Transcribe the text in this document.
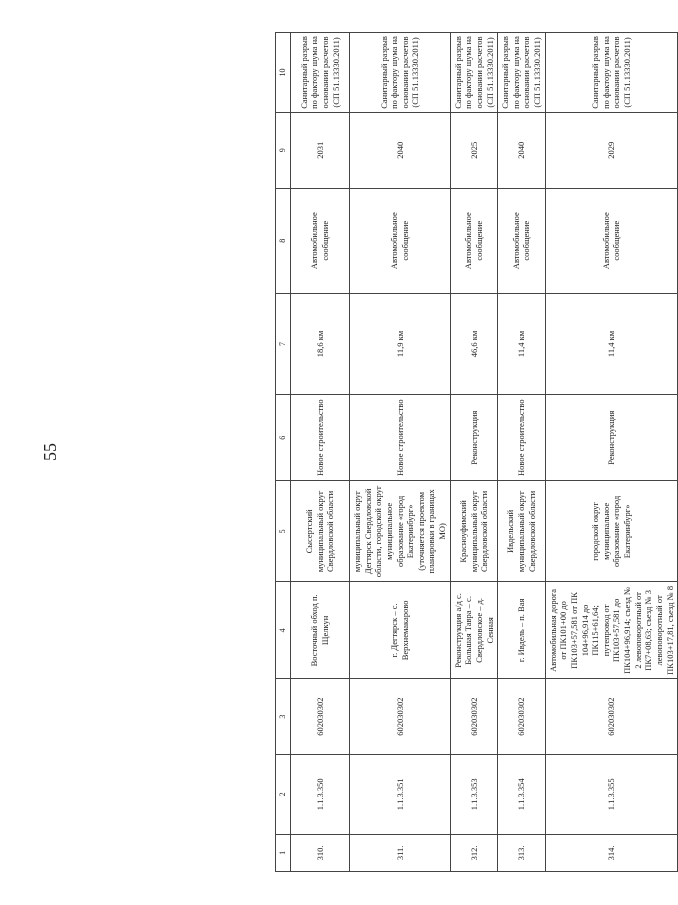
55
1	2	3	4	5	6	7	8	9	10
310.	1.1.3.350	602030302	Восточный обход п. Щелкун	Сысертский муниципальный округ Свердловской области	Новое строительство	18,6 км	Автомобильное сообщение	2031	Санитарный разрыв по фактору шума на основании расчетов (СП 51.13330.2011)
311.	1.1.3.351	602030302	г. Дегтярск – с. Верхнемакарово	муниципальный округ Дегтярск Свердловской области, городской округ муниципальное образование «город Екатеринбург» (уточняется проектом планировки в границах МО)	Новое строительство	11,9 км	Автомобильное сообщение	2040	Санитарный разрыв по фактору шума на основании расчетов (СП 51.13330.2011)
312.	1.1.3.353	602030302	Реконструкция а/д с. Большая Тавра – с. Свердловское – д. Сенная	Красноуфимский муниципальный округ Свердловской области	Реконструкция	46,6 км	Автомобильное сообщение	2025	Санитарный разрыв по фактору шума на основании расчетов (СП 51.13330.2011)
313.	1.1.3.354	602030302	г. Ивдель – п. Вая	Ивдельский муниципальный округ Свердловской области	Новое строительство	11,4 км	Автомобильное сообщение	2040	Санитарный разрыв по фактору шума на основании расчетов (СП 51.13330.2011)
314.	1.1.3.355	602030302	Автомобильная дорога от ПК101+00 до ПК103+57,581 от ПК 104+96,914 до ПК115+61,64; путепровод от ПК103+57,581 до ПК104+96,914; съезд № 2 левоповоротный от ПК7+08,63; съезд № 3 левоповоротный от ПК103+17,81, съезд № 8	городской округ муниципальное образование «город Екатеринбург»	Реконструкция	11,4 км	Автомобильное сообщение	2029	Санитарный разрыв по фактору шума на основании расчетов (СП 51.13330.2011)
